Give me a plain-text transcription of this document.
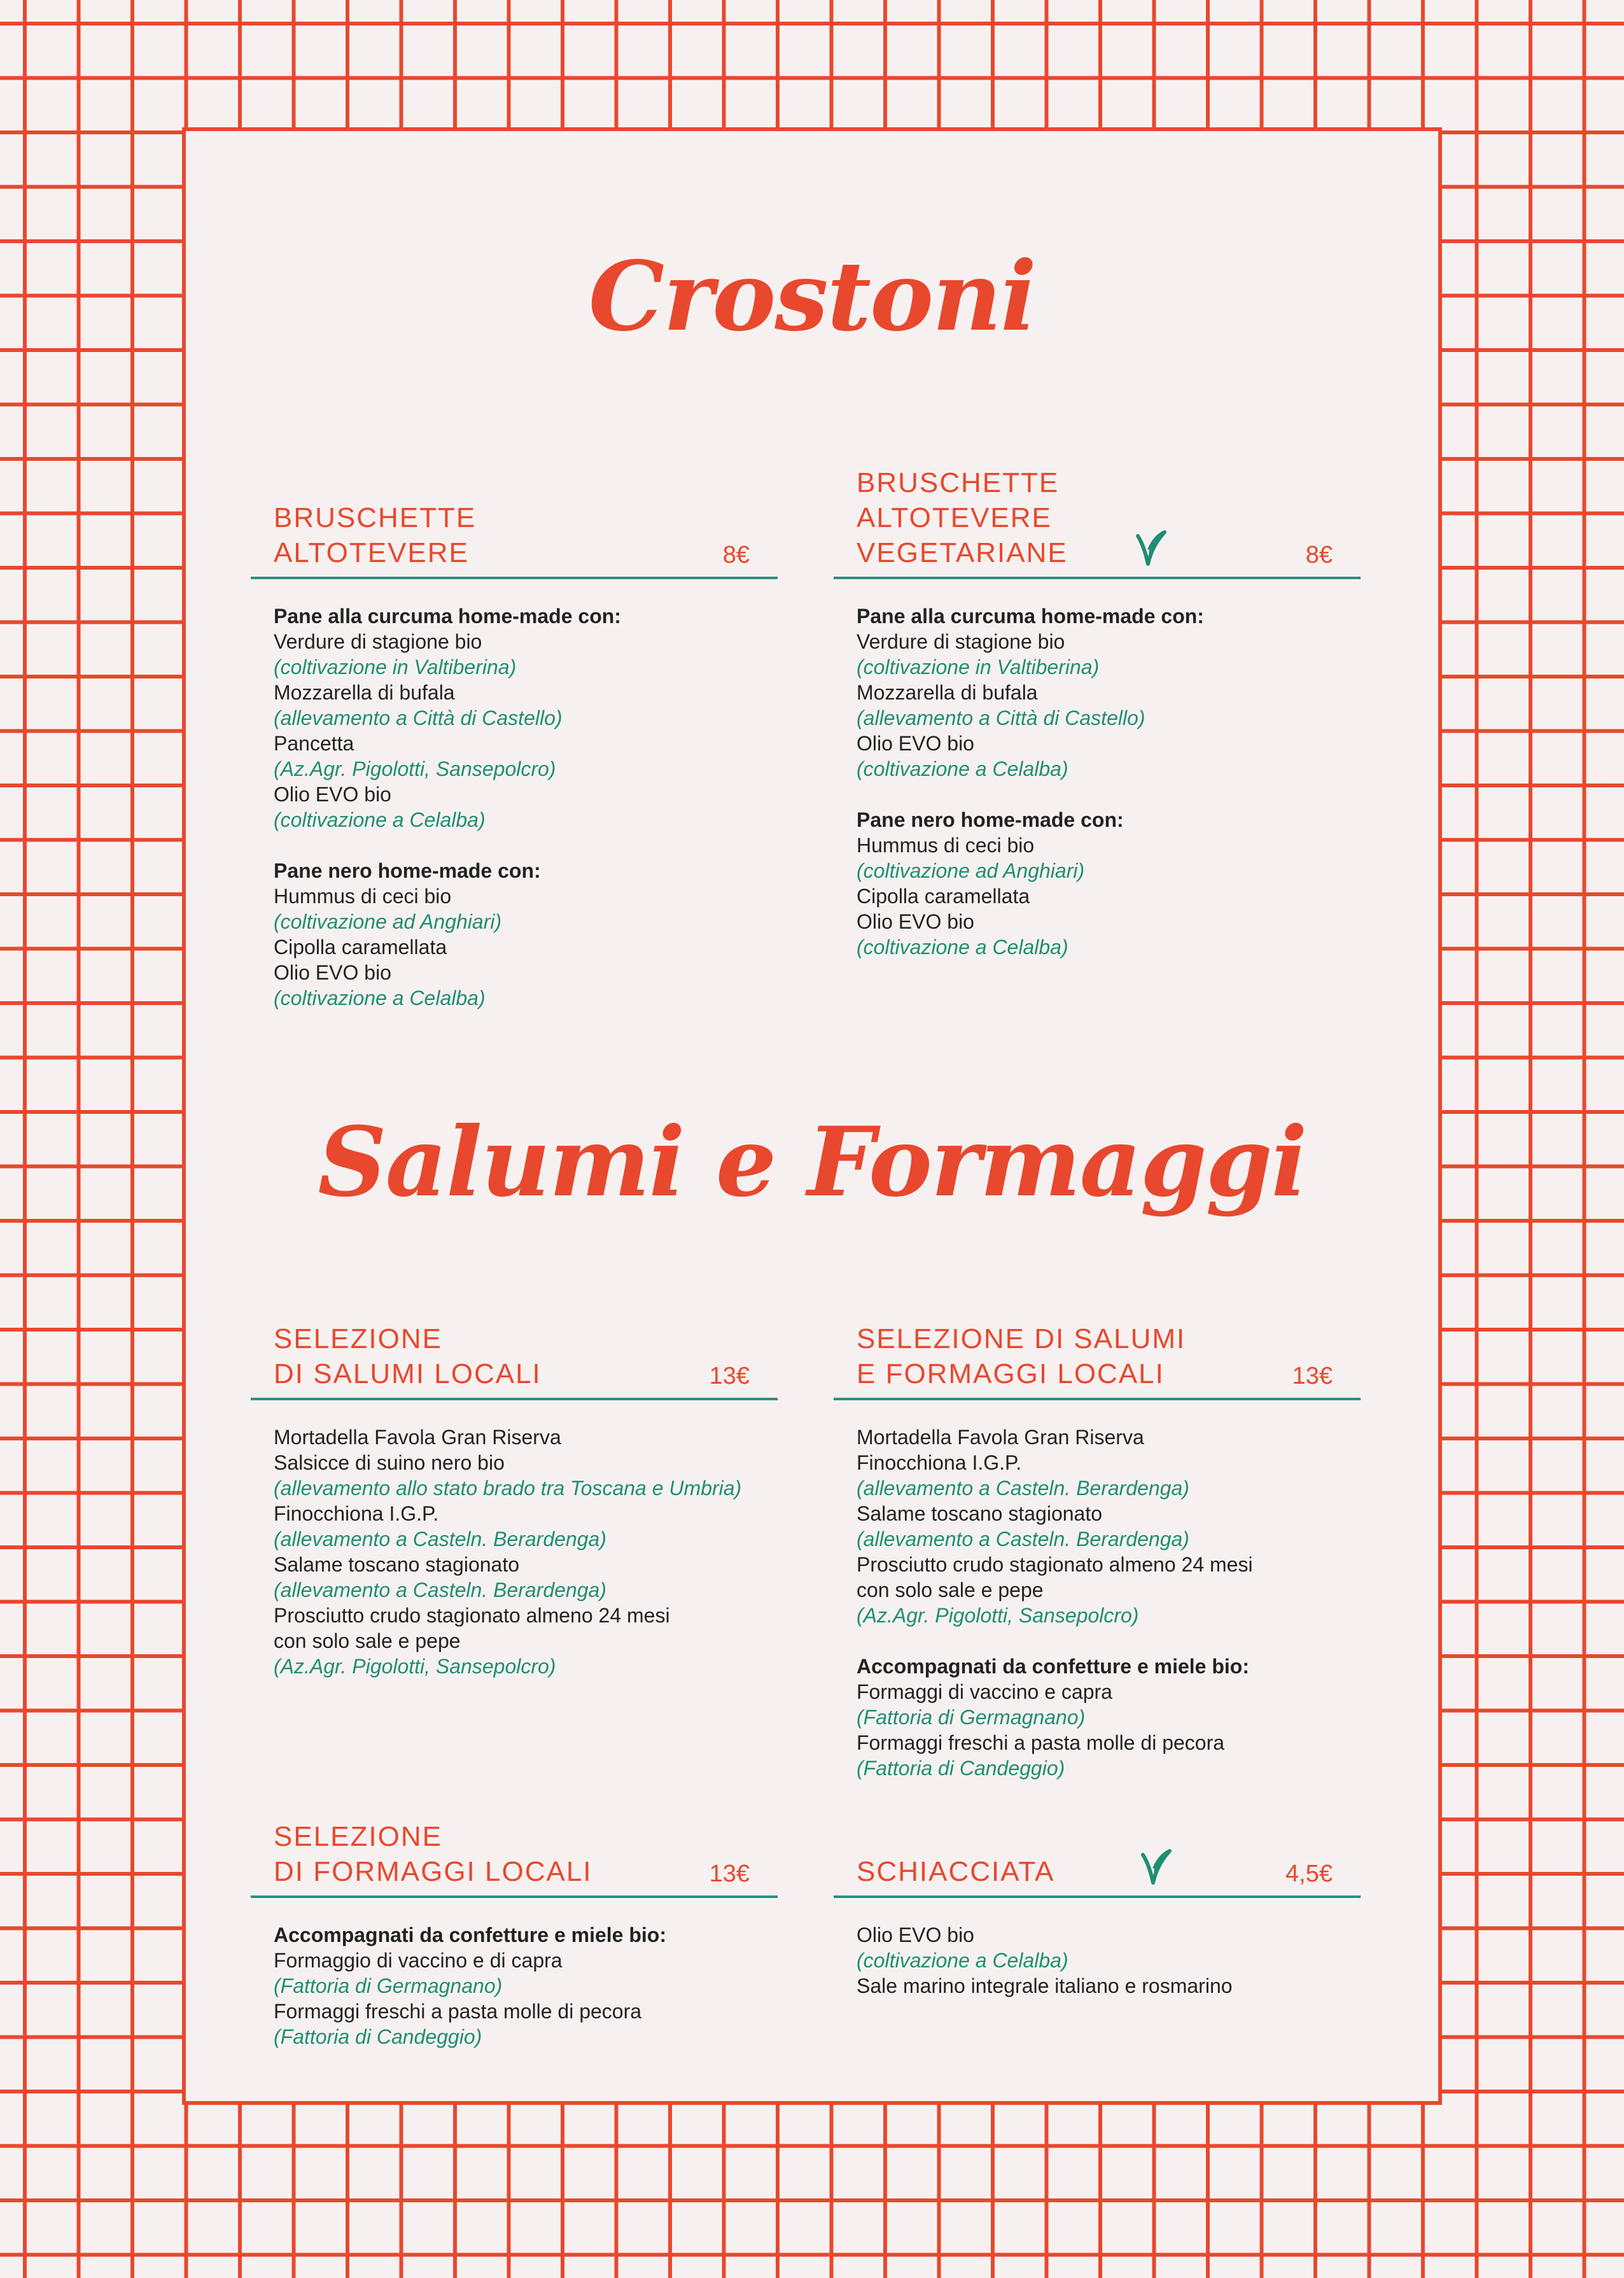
Crostoni
BRUSCHETTE
ALTOTEVERE	8€
Pane alla curcuma home-made con:
Verdure di stagione bio
(coltivazione in Valtiberina)
Mozzarella di bufala
(allevamento a Città di Castello)
Pancetta
(Az.Agr. Pigolotti, Sansepolcro)
Olio EVO bio
(coltivazione a Celalba)
Pane nero home-made con:
Hummus di ceci bio
(coltivazione ad Anghiari)
Cipolla caramellata
Olio EVO bio
(coltivazione a Celalba)
BRUSCHETTE
ALTOTEVERE
VEGETARIANE	8€
Pane alla curcuma home-made con:
Verdure di stagione bio
(coltivazione in Valtiberina)
Mozzarella di bufala
(allevamento a Città di Castello)
Olio EVO bio
(coltivazione a Celalba)
Pane nero home-made con:
Hummus di ceci bio
(coltivazione ad Anghiari)
Cipolla caramellata
Olio EVO bio
(coltivazione a Celalba)
Salumi e Formaggi
SELEZIONE
DI SALUMI LOCALI	13€
Mortadella Favola Gran Riserva
Salsicce di suino nero bio
(allevamento allo stato brado tra Toscana e Umbria)
Finocchiona I.G.P.
(allevamento a Casteln. Berardenga)
Salame toscano stagionato
(allevamento a Casteln. Berardenga)
Prosciutto crudo stagionato almeno 24 mesi
con solo sale e pepe
(Az.Agr. Pigolotti, Sansepolcro)
SELEZIONE DI SALUMI
E FORMAGGI LOCALI	13€
Mortadella Favola Gran Riserva
Finocchiona I.G.P.
(allevamento a Casteln. Berardenga)
Salame toscano stagionato
(allevamento a Casteln. Berardenga)
Prosciutto crudo stagionato almeno 24 mesi
con solo sale e pepe
(Az.Agr. Pigolotti, Sansepolcro)
Accompagnati da confetture e miele bio:
Formaggi di vaccino e capra
(Fattoria di Germagnano)
Formaggi freschi a pasta molle di pecora
(Fattoria di Candeggio)
SELEZIONE
DI FORMAGGI LOCALI	13€
Accompagnati da confetture e miele bio:
Formaggio di vaccino e di capra
(Fattoria di Germagnano)
Formaggi freschi a pasta molle di pecora
(Fattoria di Candeggio)
SCHIACCIATA	4,5€
Olio EVO bio
(coltivazione a Celalba)
Sale marino integrale italiano e rosmarino
